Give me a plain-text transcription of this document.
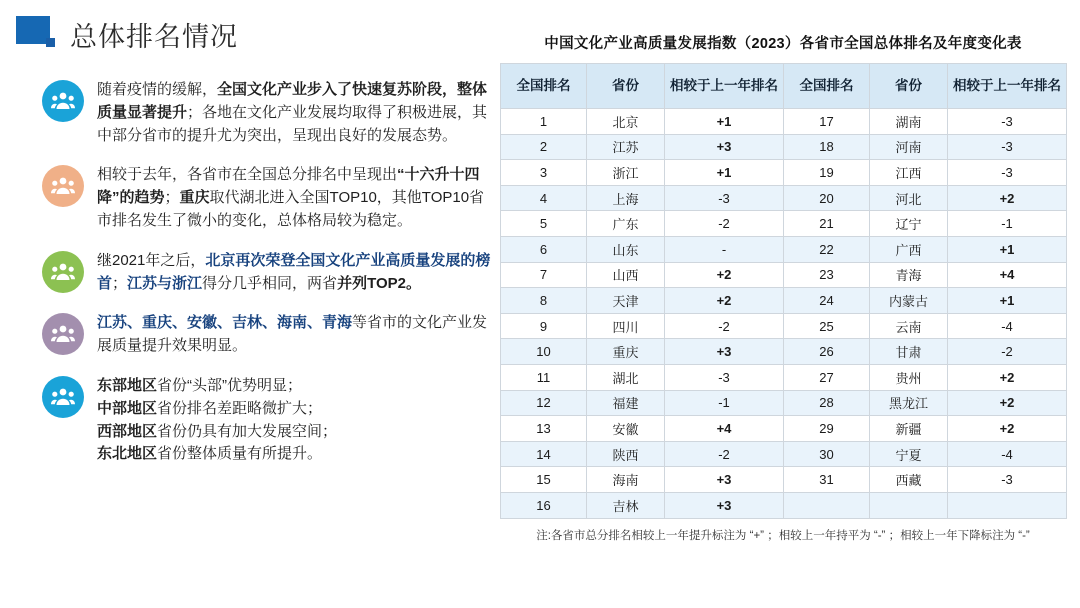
总体排名情况
随着疫情的缓解，全国文化产业步入了快速复苏阶段，整体质量显著提升；各地在文化产业发展均取得了积极进展，其中部分省市的提升尤为突出，呈现出良好的发展态势。
相较于去年，各省市在全国总分排名中呈现出“十六升十四降”的趋势；重庆取代湖北进入全国TOP10，其他TOP10省市排名发生了微小的变化，总体格局较为稳定。
继2021年之后，北京再次荣登全国文化产业高质量发展的榜首；江苏与浙江得分几乎相同，两省并列TOP2。
江苏、重庆、安徽、吉林、海南、青海等省市的文化产业发展质量提升效果明显。
东部地区省份“头部”优势明显；
中部地区省份排名差距略微扩大；
西部地区省份仍具有加大发展空间；
东北地区省份整体质量有所提升。
中国文化产业高质量发展指数（2023）各省市全国总体排名及年度变化表
全国排名	省份	相较于上一年排名	全国排名	省份	相较于上一年排名
1	北京	+1	17	湖南	-3
2	江苏	+3	18	河南	-3
3	浙江	+1	19	江西	-3
4	上海	-3	20	河北	+2
5	广东	-2	21	辽宁	-1
6	山东	-	22	广西	+1
7	山西	+2	23	青海	+4
8	天津	+2	24	内蒙古	+1
9	四川	-2	25	云南	-4
10	重庆	+3	26	甘肃	-2
11	湖北	-3	27	贵州	+2
12	福建	-1	28	黑龙江	+2
13	安徽	+4	29	新疆	+2
14	陕西	-2	30	宁夏	-4
15	海南	+3	31	西藏	-3
16	吉林	+3			
注:各省市总分排名相较上一年提升标注为 “+” ；相较上一年持平为 “-” ；相较上一年下降标注为 “-”
